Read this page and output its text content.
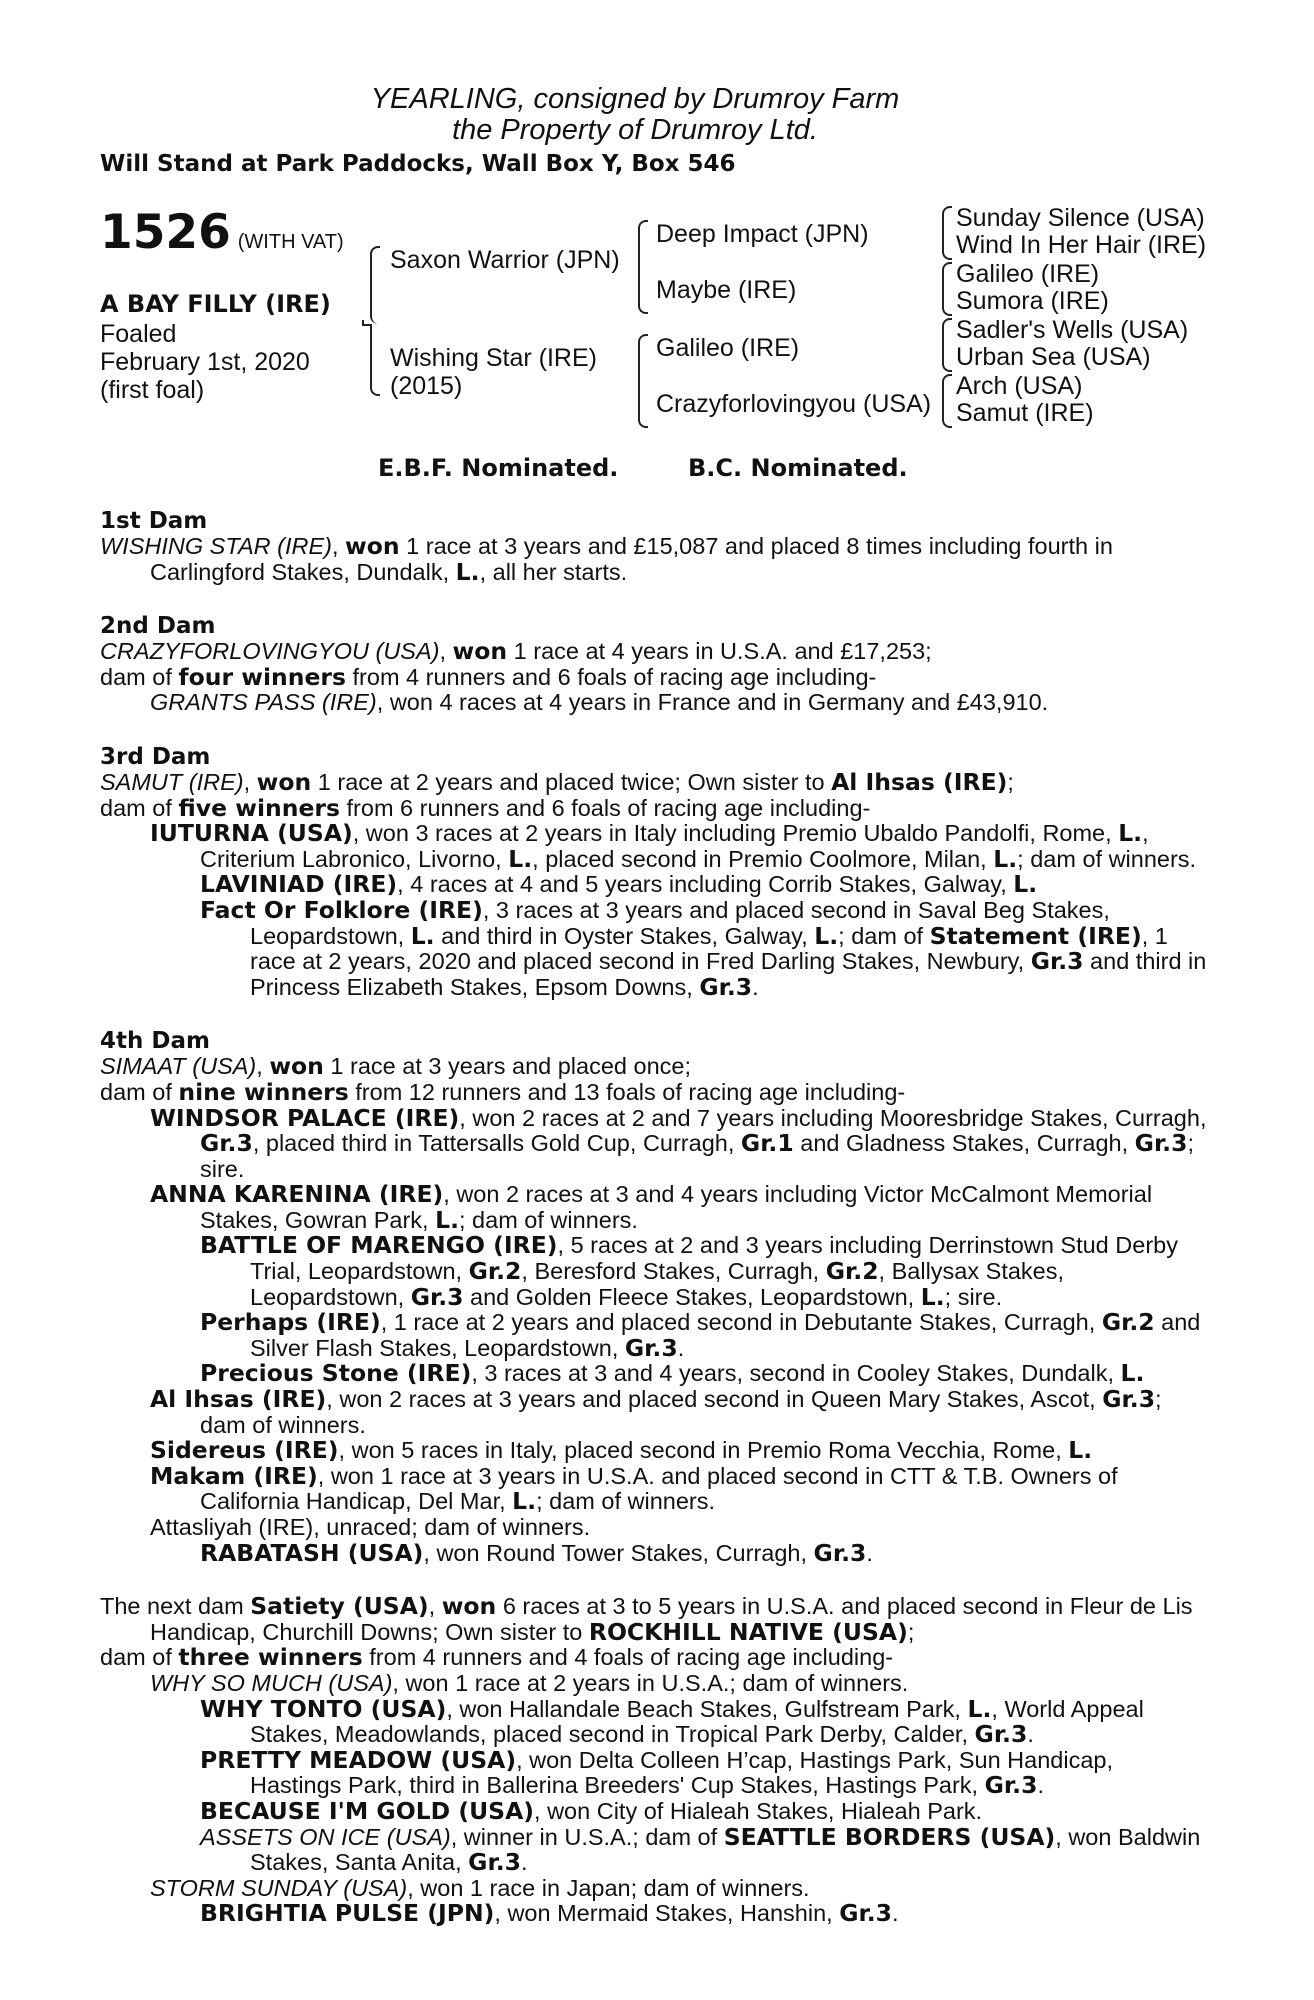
YEARLING, consigned by Drumroy Farm
the Property of Drumroy Ltd.
Will Stand at Park Paddocks, Wall Box Y, Box 546
1526 (WITH VAT)
A BAY FILLY (IRE)
Foaled
February 1st, 2020
(first foal)
Saxon Warrior (JPN)
Wishing Star (IRE)
(2015)
Deep Impact (JPN)
Maybe (IRE)
Galileo (IRE)
Crazyforlovingyou (USA)
Sunday Silence (USA)
Wind In Her Hair (IRE)
Galileo (IRE)
Sumora (IRE)
Sadler's Wells (USA)
Urban Sea (USA)
Arch (USA)
Samut (IRE)
E.B.F. Nominated.	B.C. Nominated.
1st Dam
WISHING STAR (IRE), won 1 race at 3 years and £15,087 and placed 8 times including fourth in Carlingford Stakes, Dundalk, L., all her starts.
2nd Dam
CRAZYFORLOVINGYOU (USA), won 1 race at 4 years in U.S.A. and £17,253;
dam of four winners from 4 runners and 6 foals of racing age including-
GRANTS PASS (IRE), won 4 races at 4 years in France and in Germany and £43,910.
3rd Dam
SAMUT (IRE), won 1 race at 2 years and placed twice; Own sister to Al Ihsas (IRE);
dam of five winners from 6 runners and 6 foals of racing age including-
IUTURNA (USA), won 3 races at 2 years in Italy including Premio Ubaldo Pandolfi, Rome, L., Criterium Labronico, Livorno, L., placed second in Premio Coolmore, Milan, L.; dam of winners.
LAVINIAD (IRE), 4 races at 4 and 5 years including Corrib Stakes, Galway, L.
Fact Or Folklore (IRE), 3 races at 3 years and placed second in Saval Beg Stakes, Leopardstown, L. and third in Oyster Stakes, Galway, L.; dam of Statement (IRE), 1 race at 2 years, 2020 and placed second in Fred Darling Stakes, Newbury, Gr.3 and third in Princess Elizabeth Stakes, Epsom Downs, Gr.3.
4th Dam
SIMAAT (USA), won 1 race at 3 years and placed once;
dam of nine winners from 12 runners and 13 foals of racing age including-
WINDSOR PALACE (IRE), won 2 races at 2 and 7 years including Mooresbridge Stakes, Curragh, Gr.3, placed third in Tattersalls Gold Cup, Curragh, Gr.1 and Gladness Stakes, Curragh, Gr.3; sire.
ANNA KARENINA (IRE), won 2 races at 3 and 4 years including Victor McCalmont Memorial Stakes, Gowran Park, L.; dam of winners.
BATTLE OF MARENGO (IRE), 5 races at 2 and 3 years including Derrinstown Stud Derby Trial, Leopardstown, Gr.2, Beresford Stakes, Curragh, Gr.2, Ballysax Stakes, Leopardstown, Gr.3 and Golden Fleece Stakes, Leopardstown, L.; sire.
Perhaps (IRE), 1 race at 2 years and placed second in Debutante Stakes, Curragh, Gr.2 and Silver Flash Stakes, Leopardstown, Gr.3.
Precious Stone (IRE), 3 races at 3 and 4 years, second in Cooley Stakes, Dundalk, L.
Al Ihsas (IRE), won 2 races at 3 years and placed second in Queen Mary Stakes, Ascot, Gr.3; dam of winners.
Sidereus (IRE), won 5 races in Italy, placed second in Premio Roma Vecchia, Rome, L.
Makam (IRE), won 1 race at 3 years in U.S.A. and placed second in CTT & T.B. Owners of California Handicap, Del Mar, L.; dam of winners.
Attasliyah (IRE), unraced; dam of winners.
RABATASH (USA), won Round Tower Stakes, Curragh, Gr.3.
The next dam Satiety (USA), won 6 races at 3 to 5 years in U.S.A. and placed second in Fleur de Lis Handicap, Churchill Downs; Own sister to ROCKHILL NATIVE (USA);
dam of three winners from 4 runners and 4 foals of racing age including-
WHY SO MUCH (USA), won 1 race at 2 years in U.S.A.; dam of winners.
WHY TONTO (USA), won Hallandale Beach Stakes, Gulfstream Park, L., World Appeal Stakes, Meadowlands, placed second in Tropical Park Derby, Calder, Gr.3.
PRETTY MEADOW (USA), won Delta Colleen H’cap, Hastings Park, Sun Handicap, Hastings Park, third in Ballerina Breeders' Cup Stakes, Hastings Park, Gr.3.
BECAUSE I'M GOLD (USA), won City of Hialeah Stakes, Hialeah Park.
ASSETS ON ICE (USA), winner in U.S.A.; dam of SEATTLE BORDERS (USA), won Baldwin Stakes, Santa Anita, Gr.3.
STORM SUNDAY (USA), won 1 race in Japan; dam of winners.
BRIGHTIA PULSE (JPN), won Mermaid Stakes, Hanshin, Gr.3.
